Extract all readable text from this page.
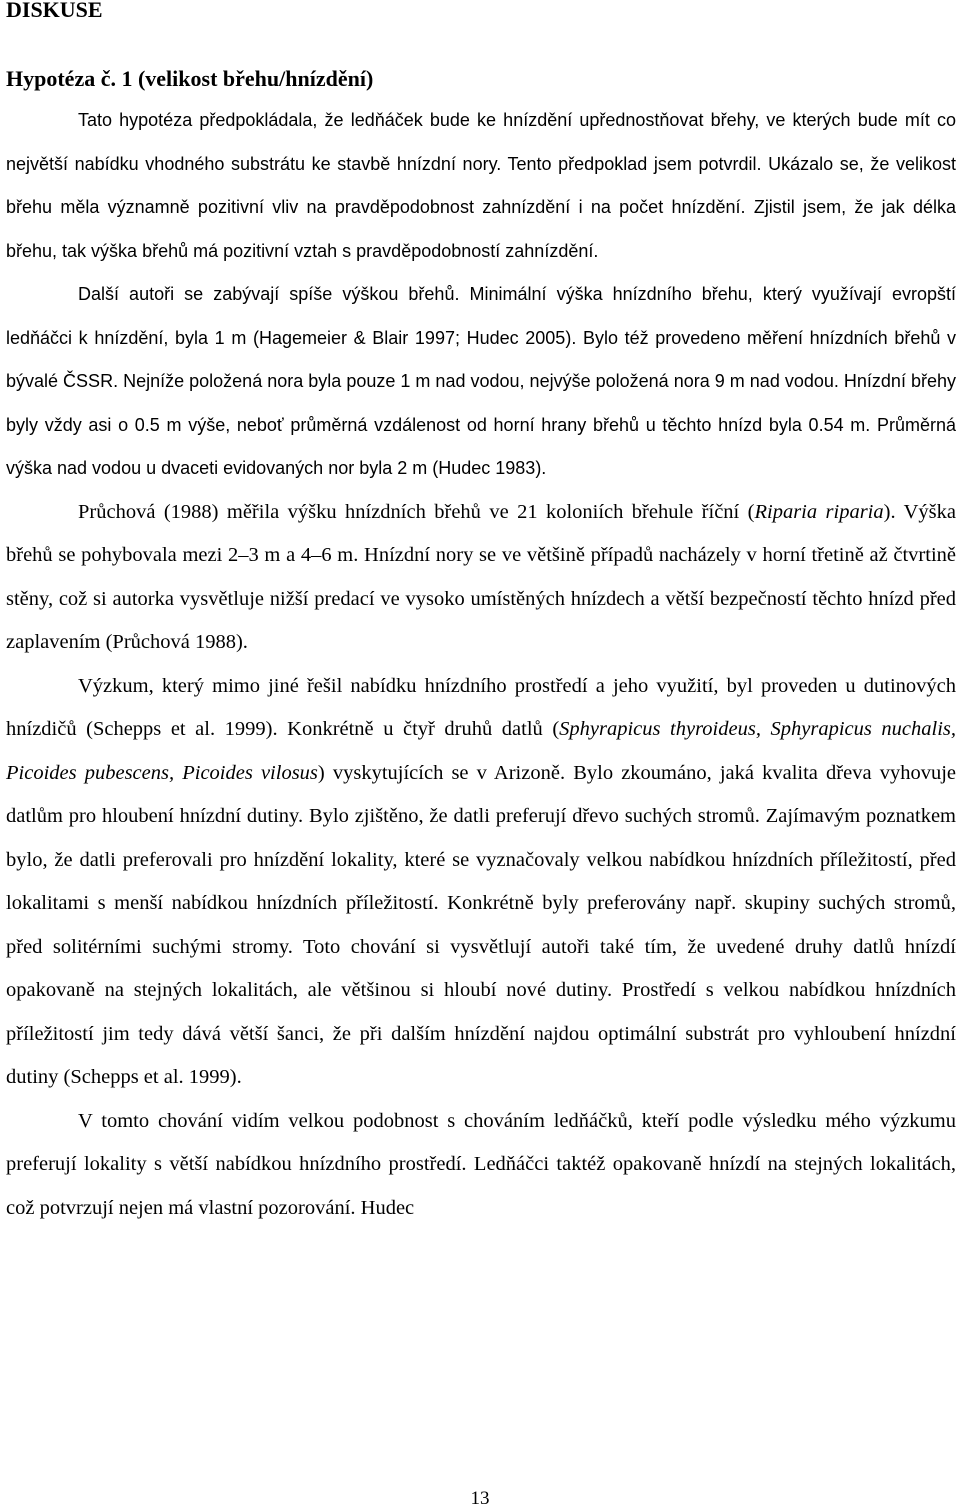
DISKUSE
Hypotéza č. 1 (velikost břehu/hnízdění)

Tato hypotéza předpokládala, že ledňáček bude ke hnízdění upřednostňovat břehy, ve kterých bude mít co největší nabídku vhodného substrátu ke stavbě hnízdní nory. Tento předpoklad jsem potvrdil. Ukázalo se, že velikost břehu měla významně pozitivní vliv na pravděpodobnost zahnízdění i na počet hnízdění. Zjistil jsem, že jak délka břehu, tak výška břehů má pozitivní vztah s pravděpodobností zahnízdění.

Další autoři se zabývají spíše výškou břehů. Minimální výška hnízdního břehu, který využívají evropští ledňáčci k hnízdění, byla 1 m (Hagemeier & Blair 1997; Hudec 2005). Bylo též provedeno měření hnízdních břehů v bývalé ČSSR. Nejníže položená nora byla pouze 1 m nad vodou, nejvýše položená nora 9 m nad vodou. Hnízdní břehy byly vždy asi o 0.5 m výše, neboť průměrná vzdálenost od horní hrany břehů u těchto hnízd byla 0.54 m. Průměrná výška nad vodou u dvaceti evidovaných nor byla 2 m (Hudec 1983).

Průchová (1988) měřila výšku hnízdních břehů ve 21 koloniích břehule říční (Riparia riparia). Výška břehů se pohybovala mezi 2–3 m a 4–6 m. Hnízdní nory se ve většině případů nacházely v horní třetině až čtvrtině stěny, což si autorka vysvětluje nižší predací ve vysoko umístěných hnízdech a větší bezpečností těchto hnízd před zaplavením (Průchová 1988).

Výzkum, který mimo jiné řešil nabídku hnízdního prostředí a jeho využití, byl proveden u dutinových hnízdičů (Schepps et al. 1999). Konkrétně u čtyř druhů datlů (Sphyrapicus thyroideus, Sphyrapicus nuchalis, Picoides pubescens, Picoides vilosus) vyskytujících se v Arizoně. Bylo zkoumáno, jaká kvalita dřeva vyhovuje datlům pro hloubení hnízdní dutiny. Bylo zjištěno, že datli preferují dřevo suchých stromů. Zajímavým poznatkem bylo, že datli preferovali pro hnízdění lokality, které se vyznačovaly velkou nabídkou hnízdních příležitostí, před lokalitami s menší nabídkou hnízdních příležitostí. Konkrétně byly preferovány např. skupiny suchých stromů, před solitérními suchými stromy. Toto chování si vysvětlují autoři také tím, že uvedené druhy datlů hnízdí opakovaně na stejných lokalitách, ale většinou si hloubí nové dutiny. Prostředí s velkou nabídkou hnízdních příležitostí jim tedy dává větší šanci, že při dalším hnízdění najdou optimální substrát pro vyhloubení hnízdní dutiny (Schepps et al. 1999).

V tomto chování vidím velkou podobnost s chováním ledňáčků, kteří podle výsledku mého výzkumu preferují lokality s větší nabídkou hnízdního prostředí. Ledňáčci taktéž opakovaně hnízdí na stejných lokalitách, což potvrzují nejen má vlastní pozorování. Hudec

13
